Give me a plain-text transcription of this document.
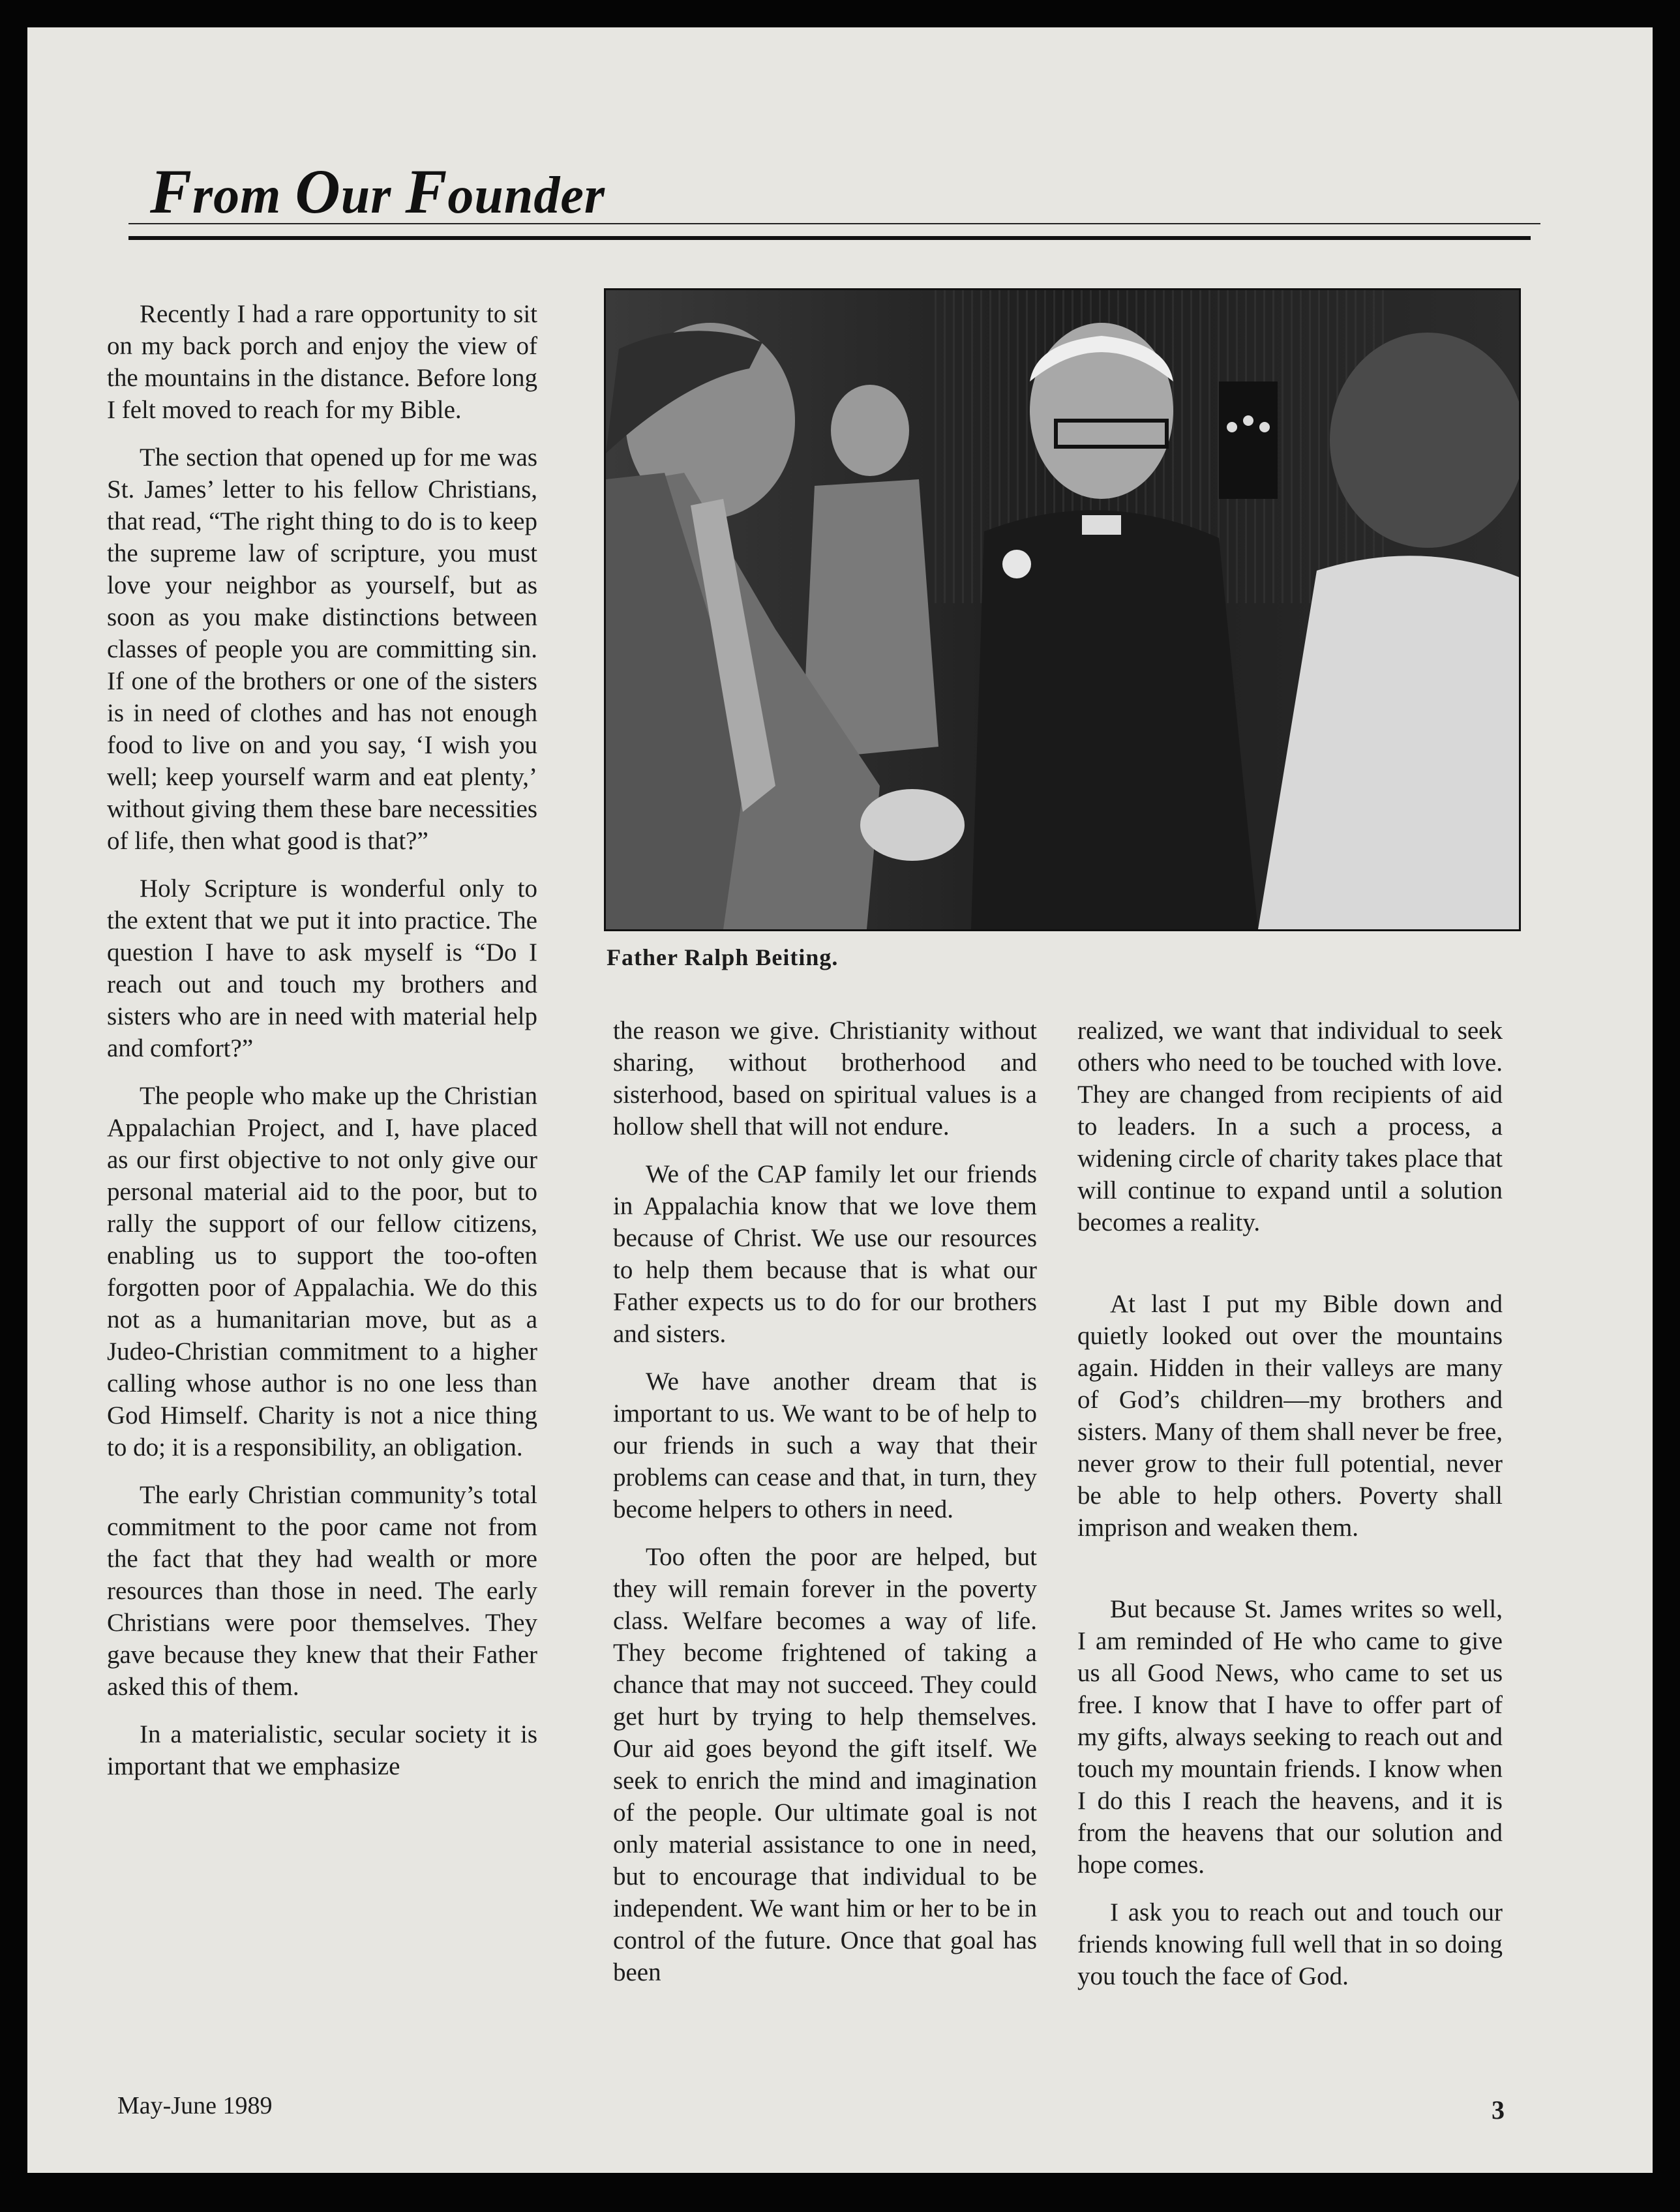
From Our Founder

Recently I had a rare opportunity to sit on my back porch and enjoy the view of the mountains in the distance. Before long I felt moved to reach for my Bible.

The section that opened up for me was St. James’ letter to his fellow Christians, that read, “The right thing to do is to keep the supreme law of scripture, you must love your neighbor as yourself, but as soon as you make distinctions between classes of people you are committing sin. If one of the brothers or one of the sisters is in need of clothes and has not enough food to live on and you say, ‘I wish you well; keep yourself warm and eat plenty,’ without giving them these bare necessities of life, then what good is that?”

Holy Scripture is wonderful only to the extent that we put it into practice. The question I have to ask myself is “Do I reach out and touch my brothers and sisters who are in need with material help and comfort?”

The people who make up the Christian Appalachian Project, and I, have placed as our first objective to not only give our personal material aid to the poor, but to rally the support of our fellow citizens, enabling us to support the too-often forgotten poor of Appalachia. We do this not as a humanitarian move, but as a Judeo-Christian commitment to a higher calling whose author is no one less than God Himself. Charity is not a nice thing to do; it is a responsibility, an obligation.

The early Christian community’s total commitment to the poor came not from the fact that they had wealth or more resources than those in need. The early Christians were poor themselves. They gave because they knew that their Father asked this of them.

In a materialistic, secular society it is important that we emphasize

Father Ralph Beiting.

the reason we give. Christianity without sharing, without brotherhood and sisterhood, based on spiritual values is a hollow shell that will not endure.

We of the CAP family let our friends in Appalachia know that we love them because of Christ. We use our resources to help them because that is what our Father expects us to do for our brothers and sisters.

We have another dream that is important to us. We want to be of help to our friends in such a way that their problems can cease and that, in turn, they become helpers to others in need.

Too often the poor are helped, but they will remain forever in the poverty class. Welfare becomes a way of life. They become frightened of taking a chance that may not succeed. They could get hurt by trying to help themselves. Our aid goes beyond the gift itself. We seek to enrich the mind and imagination of the people. Our ultimate goal is not only material assistance to one in need, but to encourage that individual to be independent. We want him or her to be in control of the future. Once that goal has been

realized, we want that individual to seek others who need to be touched with love. They are changed from recipients of aid to leaders. In a such a process, a widening circle of charity takes place that will continue to expand until a solution becomes a reality.

At last I put my Bible down and quietly looked out over the mountains again. Hidden in their valleys are many of God’s children—my brothers and sisters. Many of them shall never be free, never grow to their full potential, never be able to help others. Poverty shall imprison and weaken them.

But because St. James writes so well, I am reminded of He who came to give us all Good News, who came to set us free. I know that I have to offer part of my gifts, always seeking to reach out and touch my mountain friends. I know when I do this I reach the heavens, and it is from the heavens that our solution and hope comes.

I ask you to reach out and touch our friends knowing full well that in so doing you touch the face of God.

May-June 1989	3
